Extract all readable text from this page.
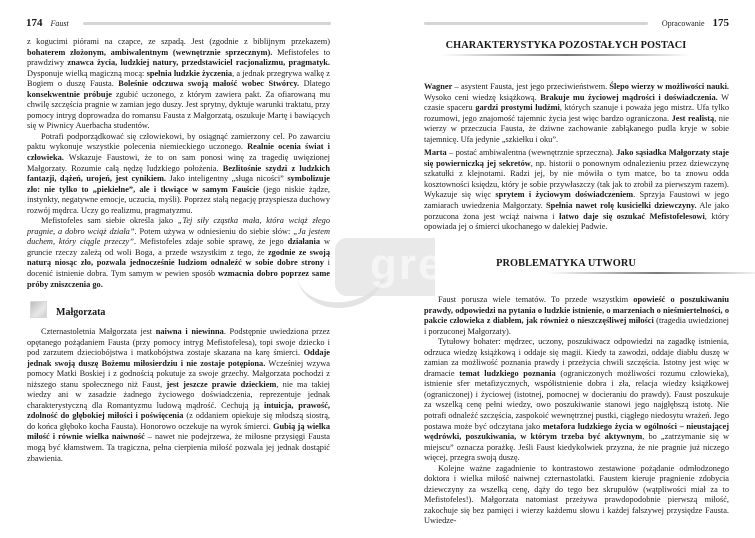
174 Faust

z kogucimi piórami na czapce, ze szpadą. Jest (zgodnie z biblijnym przekazem) bohaterem złożonym, ambiwalentnym (wewnętrznie sprzecznym). Mefistofeles to prawdziwy znawca życia, ludzkiej natury, przedstawiciel racjonalizmu, pragmatyk. Dysponuje wielką magiczną mocą: spełnia ludzkie życzenia, a jednak przegrywa walkę z Bogiem o duszę Fausta. Boleśnie odczuwa swoją małość wobec Stwórcy. Dlatego konsekwentnie próbuje zgubić uczonego, z którym zawiera pakt. Za ofiarowaną mu chwilę szczęścia pragnie w zamian jego duszy. Jest sprytny, dyktuje warunki traktatu, przy pomocy intryg doprowadza do romansu Fausta z Małgorzatą, oszukuje Martę i bawiących się w Piwnicy Auerbacha studentów.

Potrafi podporządkować się człowiekowi, by osiągnąć zamierzony cel. Po zawarciu paktu wykonuje wszystkie polecenia niemieckiego uczonego. Realnie ocenia świat i człowieka. Wskazuje Faustowi, że to on sam ponosi winę za tragedię uwięzionej Małgorzaty. Rozumie całą nędzę ludzkiego położenia. Bezlitośnie szydzi z ludzkich fantazji, dążeń, urojeń, jest cynikiem. Jako inteligentny „sługa nicości” symbolizuje zło: nie tylko to „piekielne”, ale i tkwiące w samym Fauście (jego niskie żądze, instynkty, negatywne emocje, uczucia, myśli). Poprzez stałą negację przyspiesza duchowy rozwój mędrca. Uczy go realizmu, pragmatyzmu.

Mefistofeles sam siebie określa jako „Tej siły cząstka mała, która wciąż złego pragnie, a dobro wciąż działa”. Potem używa w odniesieniu do siebie słów: „Ja jestem duchem, który ciągle przeczy”. Mefistofeles zdaje sobie sprawę, że jego działania w gruncie rzeczy zależą od woli Boga, a przede wszystkim z tego, że zgodnie ze swoją naturą niosąc zło, pozwala jednocześnie ludziom odnaleźć w sobie dobre strony i docenić istnienie dobra. Tym samym w pewien sposób wzmacnia dobro poprzez same próby zniszczenia go.

Małgorzata

Czternastoletnia Małgorzata jest naiwna i niewinna. Podstępnie uwiedziona przez opętanego pożądaniem Fausta (przy pomocy intryg Mefistofelesa), topi swoje dziecko i pod zarzutem dzieciobójstwa i matkobójstwa zostaje skazana na karę śmierci. Oddaje jednak swoją duszę Bożemu miłosierdziu i nie zostaje potępiona. Wcześniej wzywa pomocy Matki Boskiej i z godnością pokutuje za swoje grzechy. Małgorzata pochodzi z niższego stanu społecznego niż Faust, jest jeszcze prawie dzieckiem, nie ma takiej wiedzy ani w zasadzie żadnego życiowego doświadczenia, reprezentuje jednak charakterystyczną dla Romantyzmu ludową mądrość. Cechują ją intuicja, prawość, zdolność do głębokiej miłości i poświęcenia (z oddaniem opiekuje się młodszą siostrą, do końca głęboko kocha Fausta). Honorowo oczekuje na wyrok śmierci. Gubią ją wielka miłość i równie wielka naiwność – nawet nie podejrzewa, że miłosne przysięgi Fausta mogą być kłamstwem. Ta tragiczna, pełna cierpienia miłość pozwala jej jednak dostąpić zbawienia.

grebo
Opracowanie 175
CHARAKTERYSTYKA POZOSTAŁYCH POSTACI

Wagner – asystent Fausta, jest jego przeciwieństwem. Ślepo wierzy w możliwości nauki. Wysoko ceni wiedzę książkową. Brakuje mu życiowej mądrości i doświadczenia. W czasie spaceru gardzi prostymi ludźmi, których szanuje i poważa jego mistrz. Ufa tylko rozumowi, jego znajomość tajemnic życia jest więc bardzo ograniczona. Jest realistą, nie wierzy w przeczucia Fausta, że dziwne zachowanie zabłąkanego pudla kryje w sobie tajemnicę. Ufa jedynie „szkiełku i oku”.

Marta – postać ambiwalentna (wewnętrznie sprzeczna). Jako sąsiadka Małgorzaty staje się powierniczką jej sekretów, np. historii o ponownym odnalezieniu przez dziewczynę szkatułki z klejnotami. Radzi jej, by nie mówiła o tym matce, bo ta znowu odda kosztowności księdzu, który je sobie przywłaszczy (tak jak to zrobił za pierwszym razem). Wykazuje się więc sprytem i życiowym doświadczeniem. Sprzyja Faustowi w jego zamiarach uwiedzenia Małgorzaty. Spełnia nawet rolę kusicielki dziewczyny. Ale jako porzucona żona jest wciąż naiwna i łatwo daje się oszukać Mefistofelesowi, który opowiada jej o śmierci ukochanego w dalekiej Padwie.

PROBLEMATYKA UTWORU

Faust porusza wiele tematów. To przede wszystkim opowieść o poszukiwaniu prawdy, odpowiedzi na pytania o ludzkie istnienie, o marzeniach o nieśmiertelności, o pakcie człowieka z diabłem, jak również o nieszczęśliwej miłości (tragedia uwiedzionej i porzuconej Małgorzaty).

Tytułowy bohater: mędrzec, uczony, poszukiwacz odpowiedzi na zagadkę istnienia, odrzuca wiedzę książkową i oddaje się magii. Kiedy ta zawodzi, oddaje diabłu duszę w zamian za możliwość poznania prawdy i przeżycia chwili szczęścia. Istotny jest więc w dramacie temat ludzkiego poznania (ograniczonych możliwości rozumu człowieka), istnienie sfer metafizycznych, współistnienie dobra i zła, relacja wiedzy książkowej (ograniczonej) i życiowej (istotnej, pomocnej w docieraniu do prawdy). Faust poszukuje za wszelką cenę pełni wiedzy, owo poszukiwanie stanowi jego najgłębszą istotę. Nie potrafi odnaleźć szczęścia, zaspokoić wewnętrznej pustki, ciągłego niedosytu wrażeń. Jego postawa może być odczytana jako metafora ludzkiego życia w ogólności – nieustającej wędrówki, poszukiwania, w którym trzeba być aktywnym, bo „zatrzymanie się w miejscu” oznacza porażkę. Jeśli Faust kiedykolwiek przyzna, że nie pragnie już niczego więcej, przegra swoją duszę.

Kolejne ważne zagadnienie to kontrastowo zestawione pożądanie odmłodzonego doktora i wielka miłość naiwnej czternastolatki. Faustem kieruje pragnienie zdobycia dziewczyny za wszelką cenę, dąży do tego bez skrupułów (wątpliwości miał za to Mefistofeles!). Małgorzata natomiast przeżywa prawdopodobnie pierwszą miłość, zakochuje się bez pamięci i wierzy każdemu słowu i każdej fałszywej przysiędze Fausta. Uwiedze-
